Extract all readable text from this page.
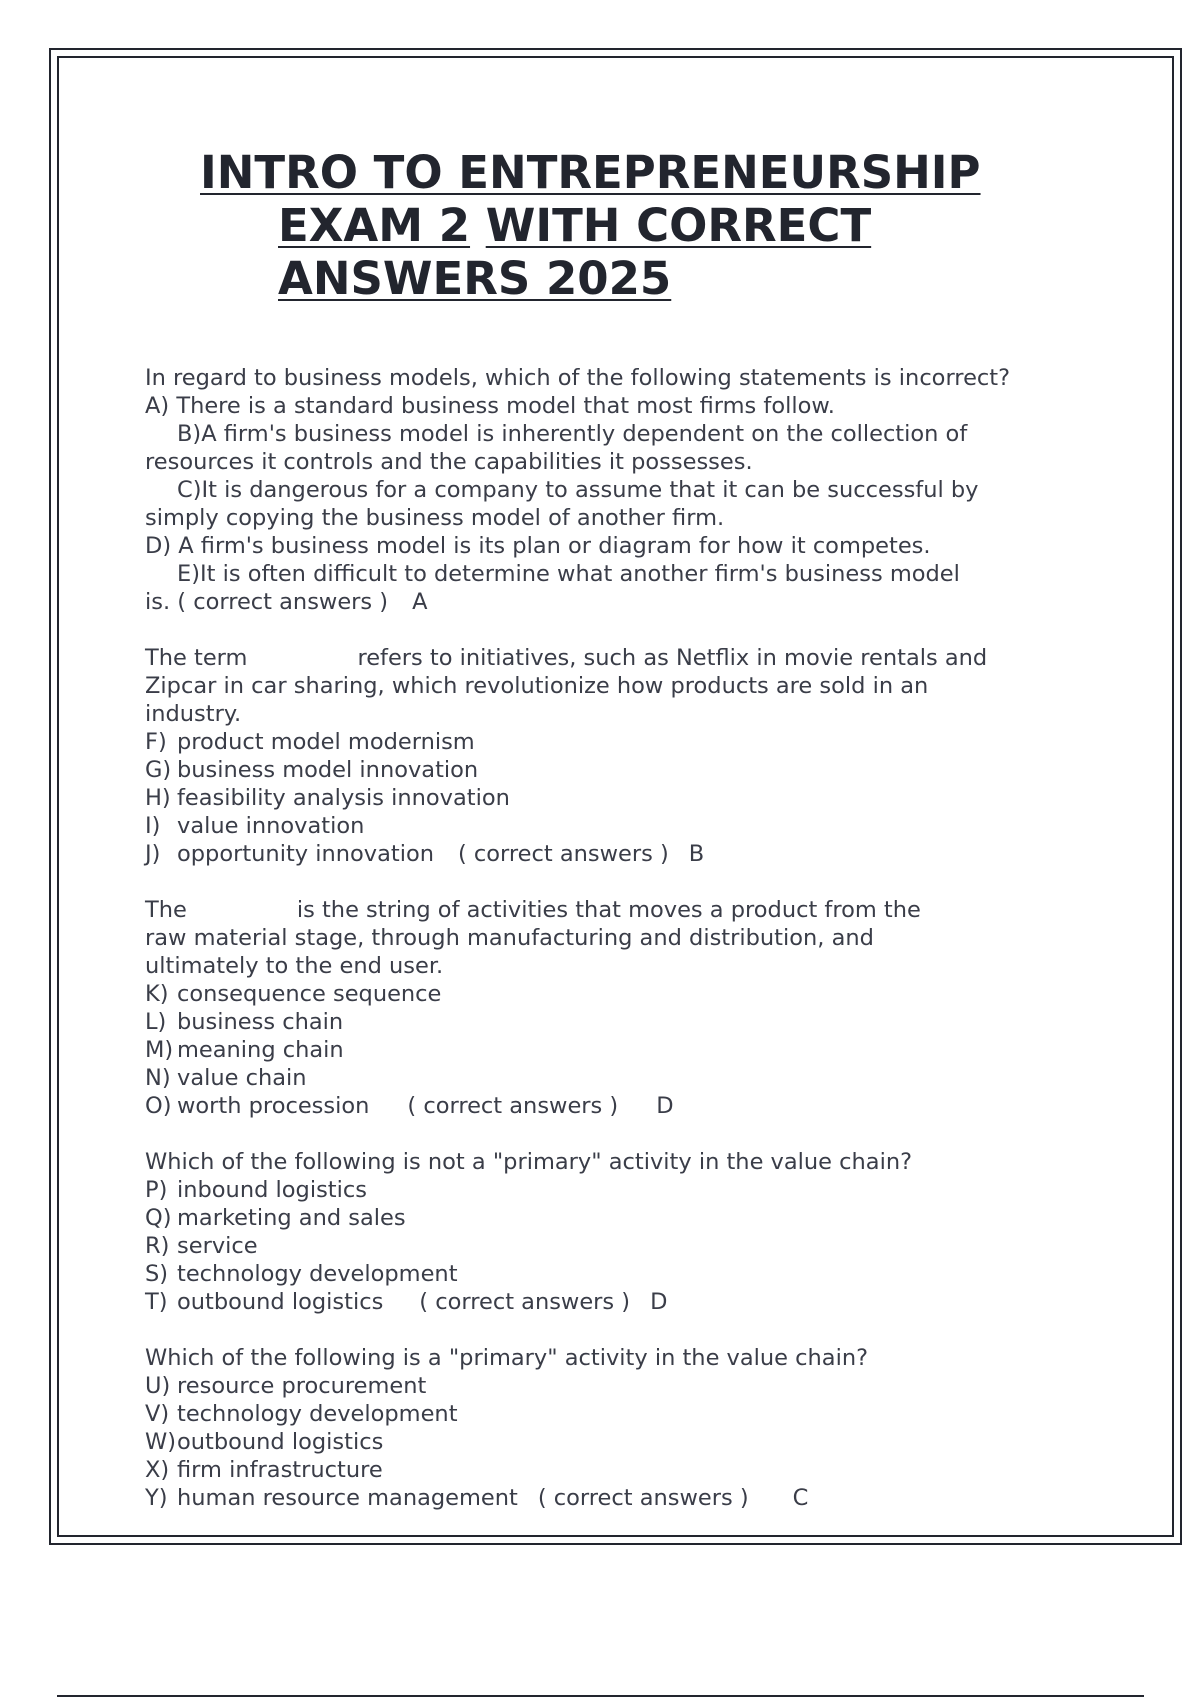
INTRO TO ENTREPRENEURSHIP
EXAM 2 WITH CORRECT
ANSWERS 2025

In regard to business models, which of the following statements is incorrect?

A) There is a standard business model that most firms follow.

B)A firm's business model is inherently dependent on the collection of

resources it controls and the capabilities it possesses.

C)It is dangerous for a company to assume that it can be successful by

simply copying the business model of another firm.

D) A firm's business model is its plan or diagram for how it competes.

E)It is often difficult to determine what another firm's business model

is. ( correct answers ) A

The term	refers to initiatives, such as Netflix in movie rentals and

Zipcar in car sharing, which revolutionize how products are sold in an

industry.

F) product model modernism
G) business model innovation
H) feasibility analysis innovation
I) value innovation
J) opportunity innovation ( correct answers ) B

The	is the string of activities that moves a product from the

raw material stage, through manufacturing and distribution, and

ultimately to the end user.

K) consequence sequence
L) business chain
M) meaning chain
N) value chain
O) worth procession ( correct answers ) D

Which of the following is not a "primary" activity in the value chain?

P) inbound logistics
Q) marketing and sales
R) service
S) technology development
T) outbound logistics ( correct answers ) D

Which of the following is a "primary" activity in the value chain?

U) resource procurement
V) technology development
W) outbound logistics
X) firm infrastructure
Y) human resource management ( correct answers ) C
